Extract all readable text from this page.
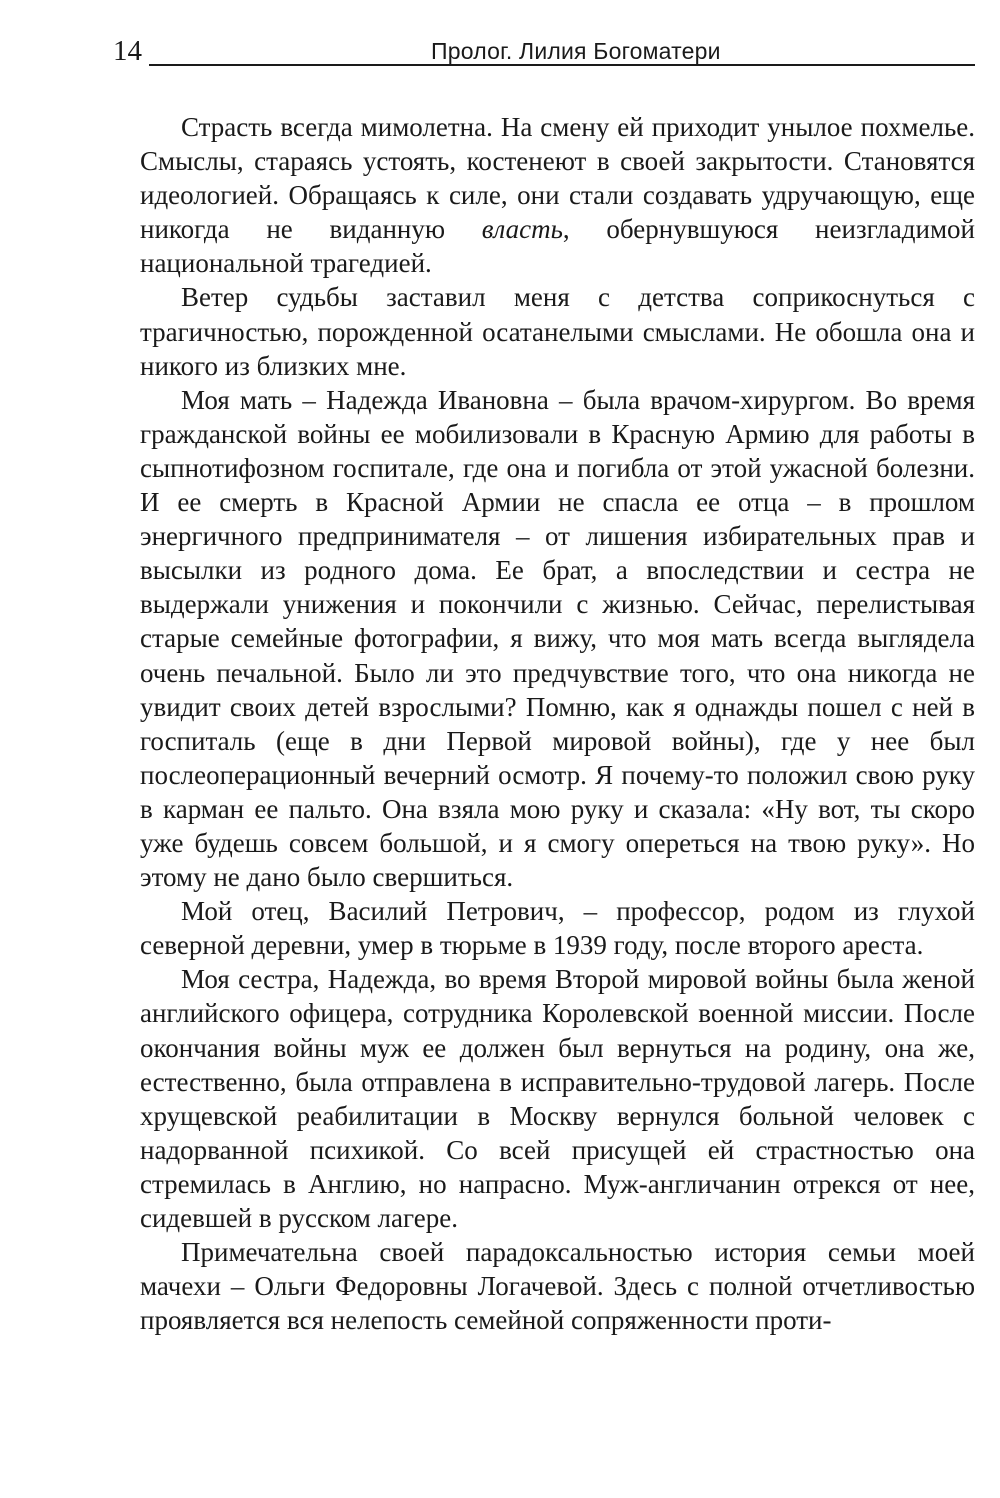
14	Пролог. Лилия Богоматери

Страсть всегда мимолетна. На смену ей приходит унылое похмелье. Смыслы, стараясь устоять, костенеют в своей закрытости. Становятся идеологией. Обращаясь к силе, они стали создавать удручающую, еще никогда не виданную власть, обернувшуюся неизгладимой национальной трагедией.

Ветер судьбы заставил меня с детства соприкоснуться с трагичностью, порожденной осатанелыми смыслами. Не обошла она и никого из близких мне.

Моя мать – Надежда Ивановна – была врачом-хирургом. Во время гражданской войны ее мобилизовали в Красную Армию для работы в сыпнотифозном госпитале, где она и погибла от этой ужасной болезни. И ее смерть в Красной Армии не спасла ее отца – в прошлом энергичного предпринимателя – от лишения избирательных прав и высылки из родного дома. Ее брат, а впоследствии и сестра не выдержали унижения и покончили с жизнью. Сейчас, перелистывая старые семейные фотографии, я вижу, что моя мать всегда выглядела очень печальной. Было ли это предчувствие того, что она никогда не увидит своих детей взрослыми? Помню, как я однажды пошел с ней в госпиталь (еще в дни Первой мировой войны), где у нее был послеоперационный вечерний осмотр. Я почему-то положил свою руку в карман ее пальто. Она взяла мою руку и сказала: «Ну вот, ты скоро уже будешь совсем большой, и я смогу опереться на твою руку». Но этому не дано было свершиться.

Мой отец, Василий Петрович, – профессор, родом из глухой северной деревни, умер в тюрьме в 1939 году, после второго ареста.

Моя сестра, Надежда, во время Второй мировой войны была женой английского офицера, сотрудника Королевской военной миссии. После окончания войны муж ее должен был вернуться на родину, она же, естественно, была отправлена в исправительно-трудовой лагерь. После хрущевской реабилитации в Москву вернулся больной человек с надорванной психикой. Со всей присущей ей страстностью она стремилась в Англию, но напрасно. Муж-англичанин отрекся от нее, сидевшей в русском лагере.

Примечательна своей парадоксальностью история семьи моей мачехи – Ольги Федоровны Логачевой. Здесь с полной отчетливостью проявляется вся нелепость семейной сопряженности проти-
